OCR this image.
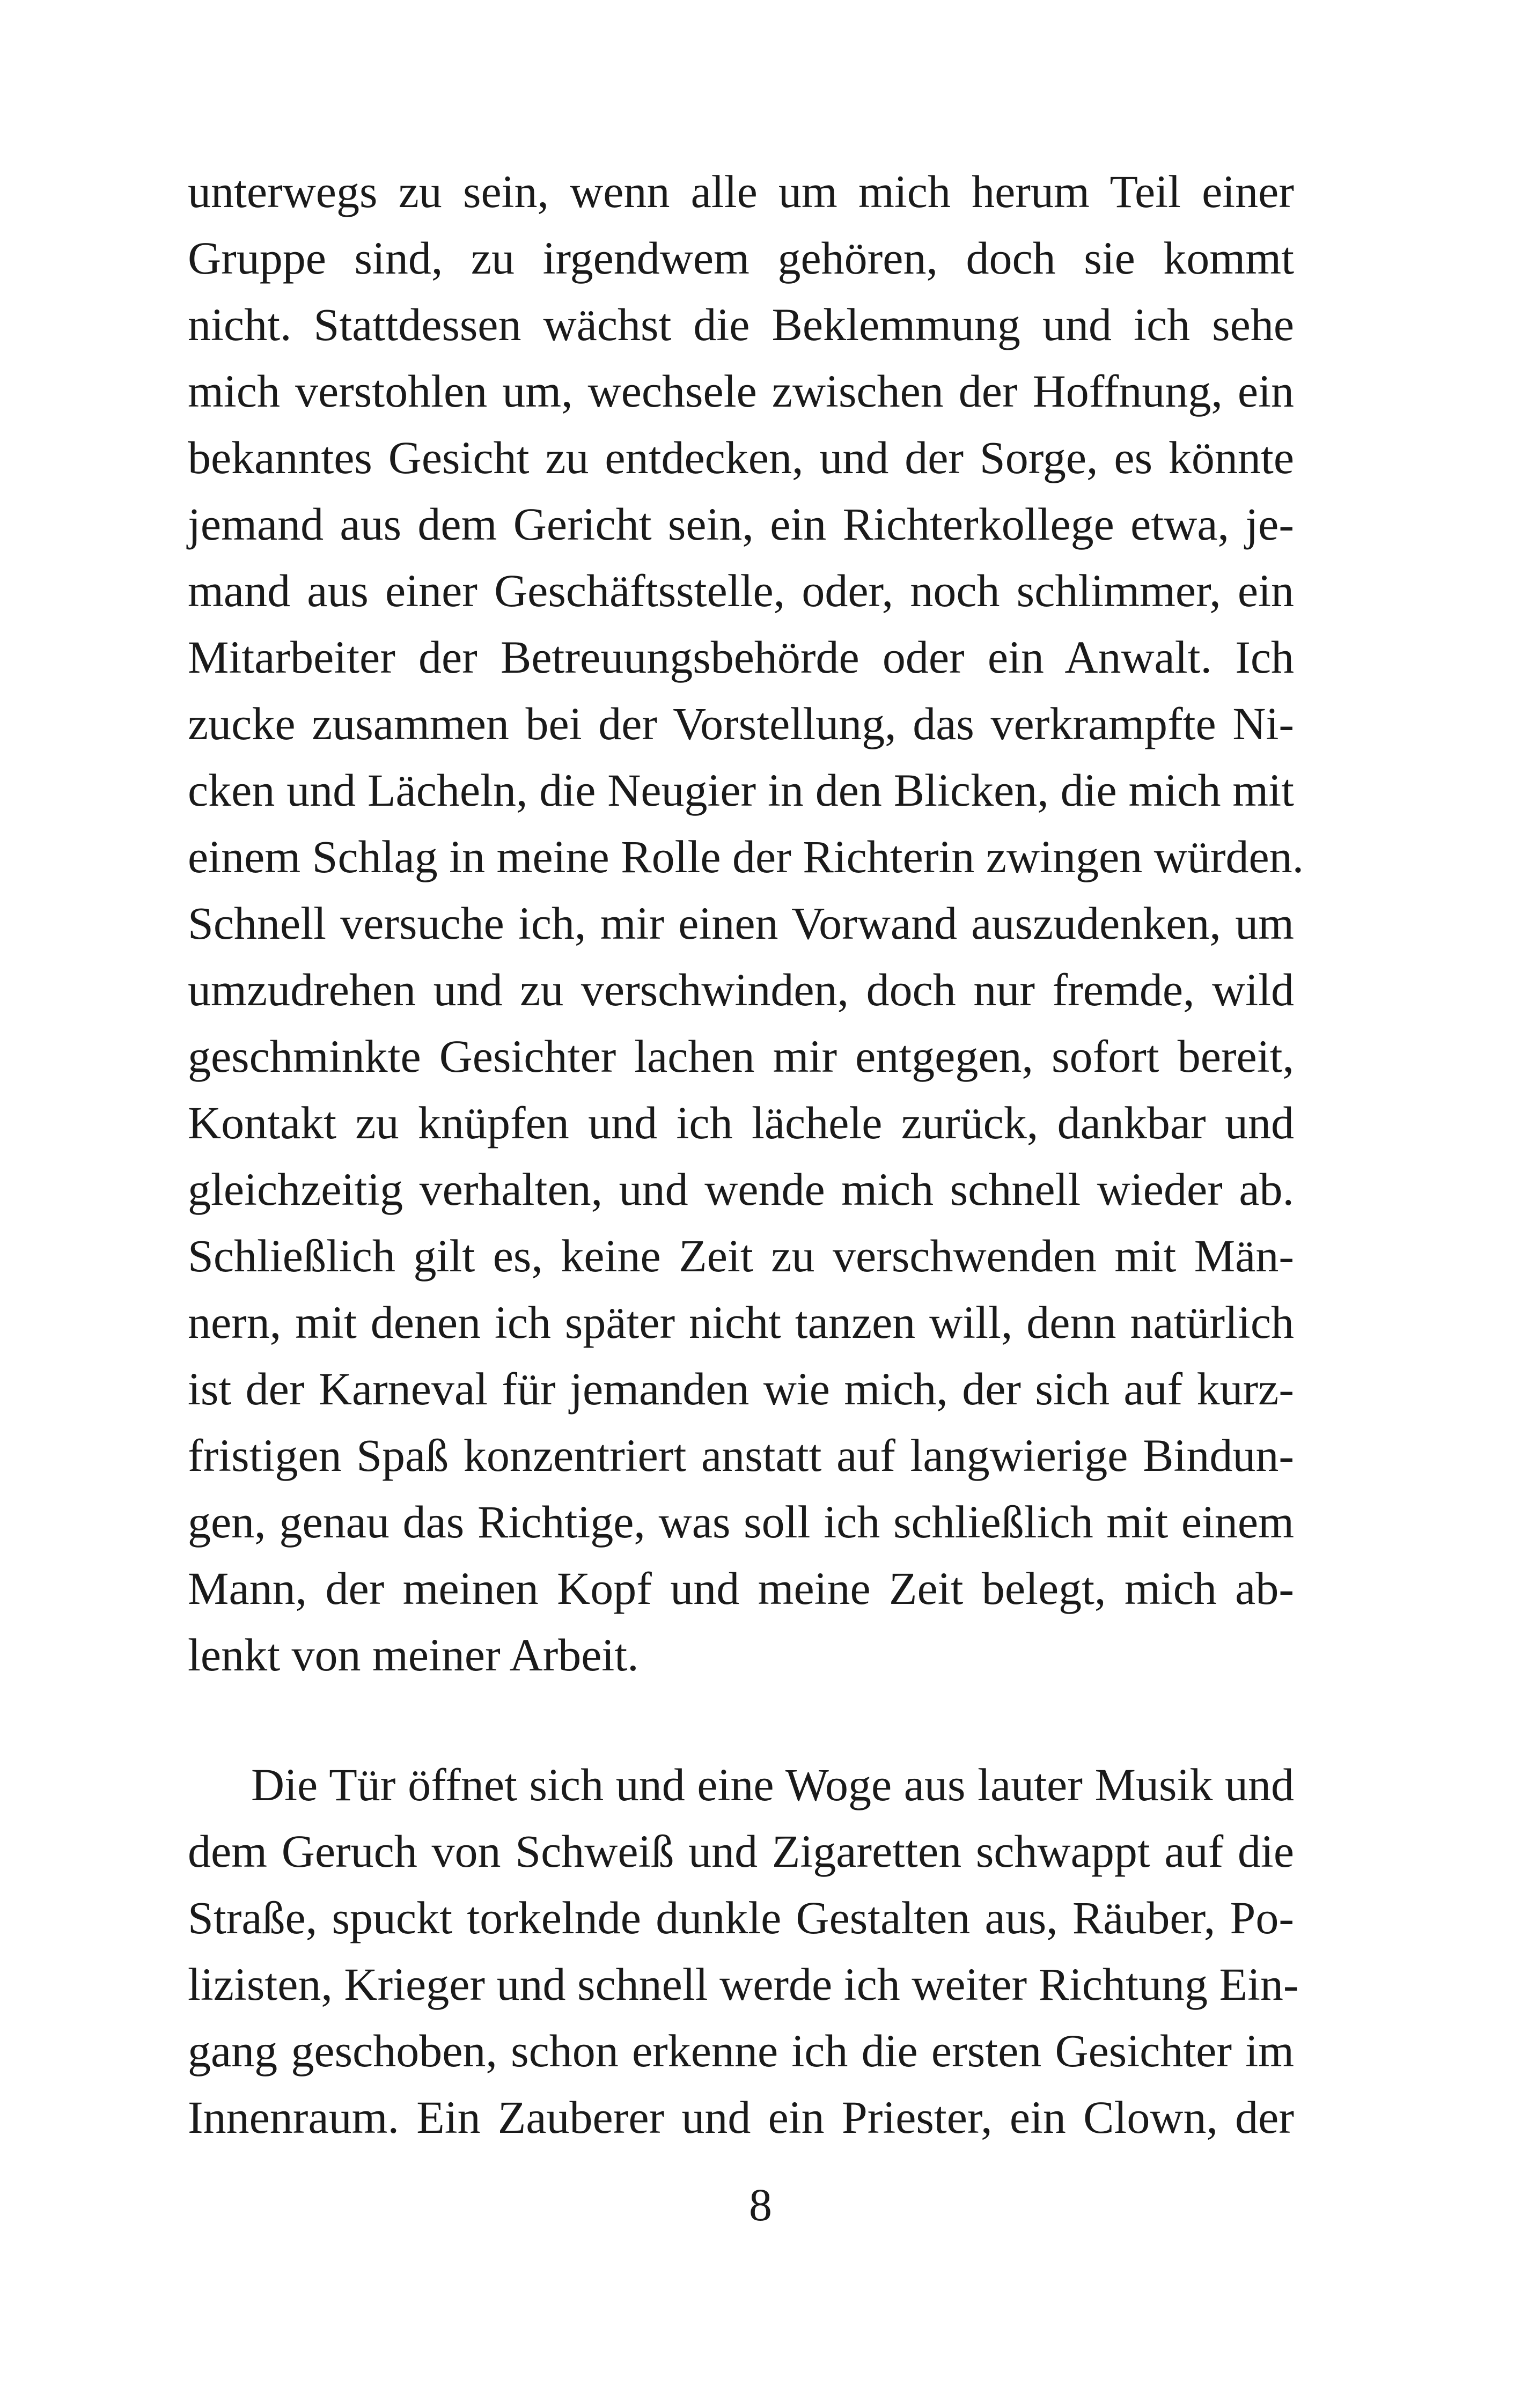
unterwegs zu sein, wenn alle um mich herum Teil einer
Gruppe sind, zu irgendwem gehören, doch sie kommt
nicht. Stattdessen wächst die Beklemmung und ich sehe
mich verstohlen um, wechsele zwischen der Hoffnung, ein
bekanntes Gesicht zu entdecken, und der Sorge, es könnte
jemand aus dem Gericht sein, ein Richterkollege etwa, je-
mand aus einer Geschäftsstelle, oder, noch schlimmer, ein
Mitarbeiter der Betreuungsbehörde oder ein Anwalt. Ich
zucke zusammen bei der Vorstellung, das verkrampfte Ni-
cken und Lächeln, die Neugier in den Blicken, die mich mit
einem Schlag in meine Rolle der Richterin zwingen würden.
Schnell versuche ich, mir einen Vorwand auszudenken, um
umzudrehen und zu verschwinden, doch nur fremde, wild
geschminkte Gesichter lachen mir entgegen, sofort bereit,
Kontakt zu knüpfen und ich lächele zurück, dankbar und
gleichzeitig verhalten, und wende mich schnell wieder ab.
Schließlich gilt es, keine Zeit zu verschwenden mit Män-
nern, mit denen ich später nicht tanzen will, denn natürlich
ist der Karneval für jemanden wie mich, der sich auf kurz-
fristigen Spaß konzentriert anstatt auf langwierige Bindun-
gen, genau das Richtige, was soll ich schließlich mit einem
Mann, der meinen Kopf und meine Zeit belegt, mich ab-
lenkt von meiner Arbeit.
Die Tür öffnet sich und eine Woge aus lauter Musik und
dem Geruch von Schweiß und Zigaretten schwappt auf die
Straße, spuckt torkelnde dunkle Gestalten aus, Räuber, Po-
lizisten, Krieger und schnell werde ich weiter Richtung Ein-
gang geschoben, schon erkenne ich die ersten Gesichter im
Innenraum. Ein Zauberer und ein Priester, ein Clown, der
8
